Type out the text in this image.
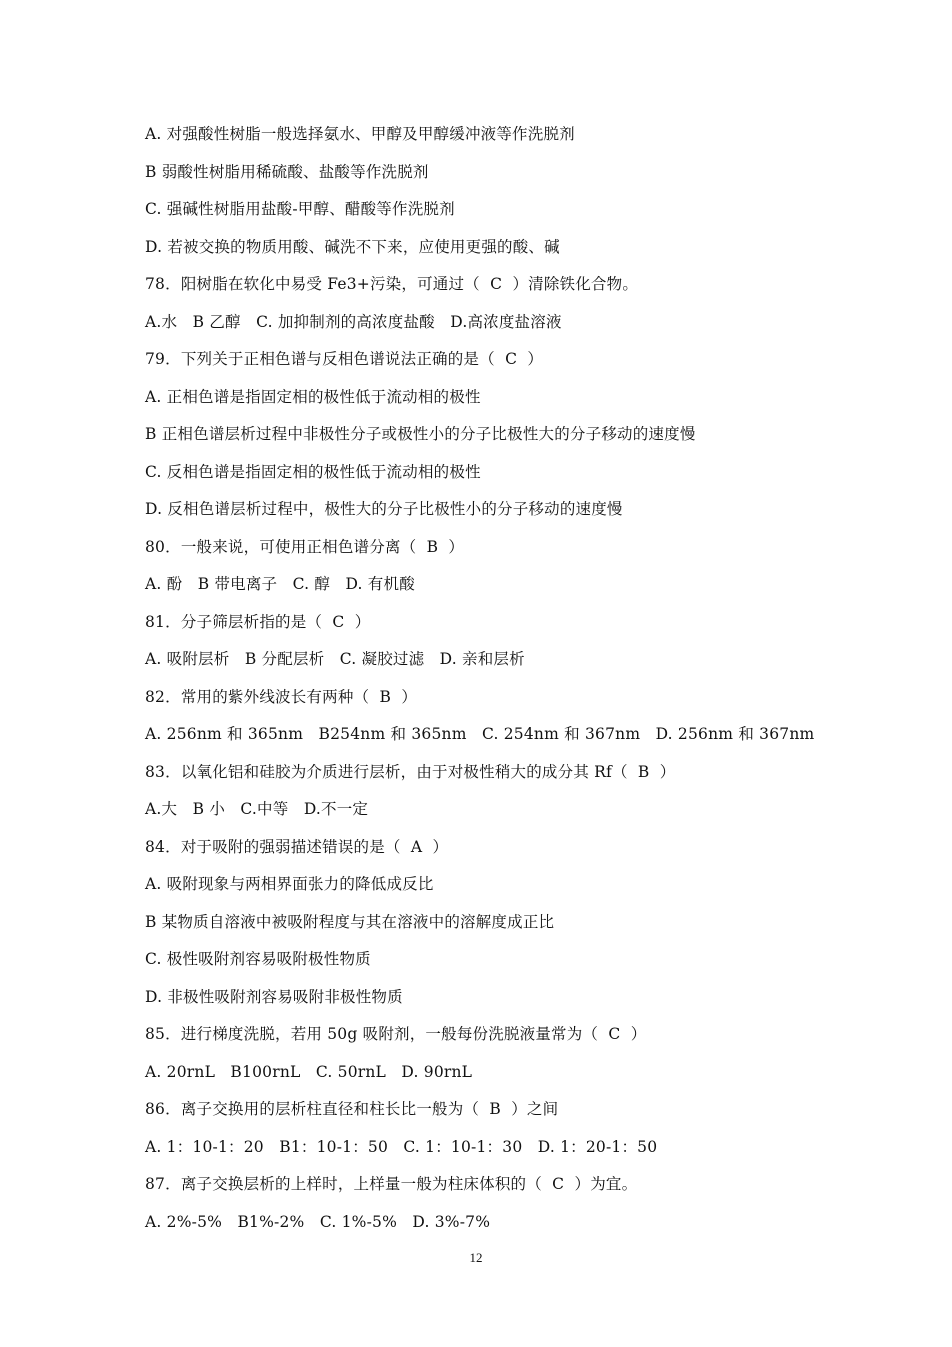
A. 对强酸性树脂一般选择氨水、甲醇及甲醇缓冲液等作洗脱剂
B 弱酸性树脂用稀硫酸、盐酸等作洗脱剂
C. 强碱性树脂用盐酸-甲醇、醋酸等作洗脱剂
D. 若被交换的物质用酸、碱洗不下来，应使用更强的酸、碱
78．阳树脂在软化中易受 Fe3+污染，可通过（  C  ）清除铁化合物。
A.水   B 乙醇   C. 加抑制剂的高浓度盐酸   D.高浓度盐溶液
79．下列关于正相色谱与反相色谱说法正确的是（  C  ）
A. 正相色谱是指固定相的极性低于流动相的极性
B 正相色谱层析过程中非极性分子或极性小的分子比极性大的分子移动的速度慢
C. 反相色谱是指固定相的极性低于流动相的极性
D. 反相色谱层析过程中，极性大的分子比极性小的分子移动的速度慢
80．一般来说，可使用正相色谱分离（  B  ）
A. 酚   B 带电离子   C. 醇   D. 有机酸
81．分子筛层析指的是（  C  ）
A. 吸附层析   B 分配层析   C. 凝胶过滤   D. 亲和层析
82．常用的紫外线波长有两种（  B  ）
A. 256nm 和 365nm   B254nm 和 365nm   C. 254nm 和 367nm   D. 256nm 和 367nm
83．以氧化铝和硅胶为介质进行层析，由于对极性稍大的成分其 Rf（  B  ）
A.大   B 小   C.中等   D.不一定
84．对于吸附的强弱描述错误的是（  A  ）
A. 吸附现象与两相界面张力的降低成反比
B 某物质自溶液中被吸附程度与其在溶液中的溶解度成正比
C. 极性吸附剂容易吸附极性物质
D. 非极性吸附剂容易吸附非极性物质
85．进行梯度洗脱，若用 50g 吸附剂，一般每份洗脱液量常为（  C  ）
A. 20rnL   B100rnL   C. 50rnL   D. 90rnL
86．离子交换用的层析柱直径和柱长比一般为（  B  ）之间
A. 1：10-1：20   B1：10-1：50   C. 1：10-1：30   D. 1：20-1：50
87．离子交换层析的上样时，上样量一般为柱床体积的（  C  ）为宜。
A. 2%-5%   B1%-2%   C. 1%-5%   D. 3%-7%
12
